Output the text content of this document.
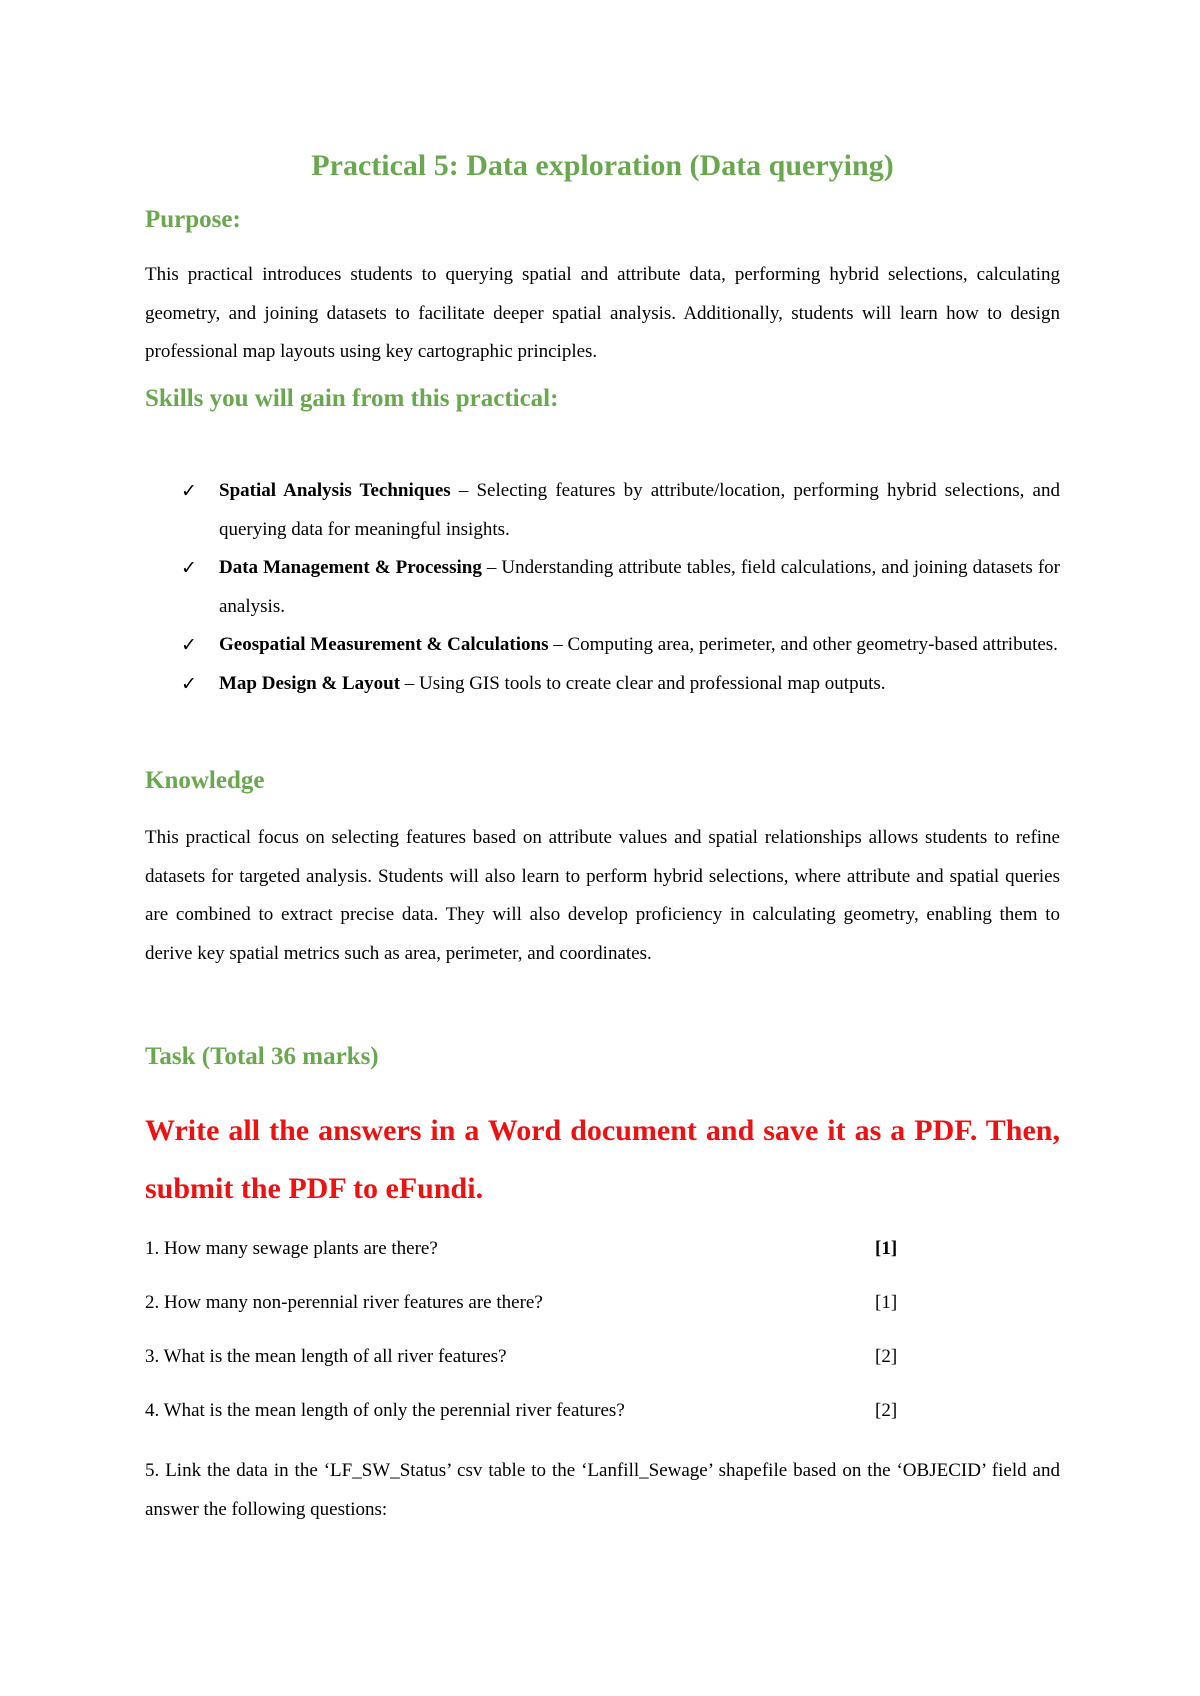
Practical 5: Data exploration (Data querying)
Purpose:

This practical introduces students to querying spatial and attribute data, performing hybrid selections, calculating geometry, and joining datasets to facilitate deeper spatial analysis. Additionally, students will learn how to design professional map layouts using key cartographic principles.

Skills you will gain from this practical:
✓ Spatial Analysis Techniques – Selecting features by attribute/location, performing hybrid selections, and querying data for meaningful insights.
✓ Data Management & Processing – Understanding attribute tables, field calculations, and joining datasets for analysis.
✓ Geospatial Measurement & Calculations – Computing area, perimeter, and other geometry-based attributes.
✓ Map Design & Layout – Using GIS tools to create clear and professional map outputs.
Knowledge

This practical focus on selecting features based on attribute values and spatial relationships allows students to refine datasets for targeted analysis. Students will also learn to perform hybrid selections, where attribute and spatial queries are combined to extract precise data. They will also develop proficiency in calculating geometry, enabling them to derive key spatial metrics such as area, perimeter, and coordinates.

Task (Total 36 marks)

Write all the answers in a Word document and save it as a PDF. Then, submit the PDF to eFundi.

1. How many sewage plants are there?	[1]
2. How many non-perennial river features are there?	[1]
3. What is the mean length of all river features?	[2]
4. What is the mean length of only the perennial river features?	[2]

5. Link the data in the ‘LF_SW_Status’ csv table to the ‘Lanfill_Sewage’ shapefile based on the ‘OBJECID’ field and answer the following questions:
